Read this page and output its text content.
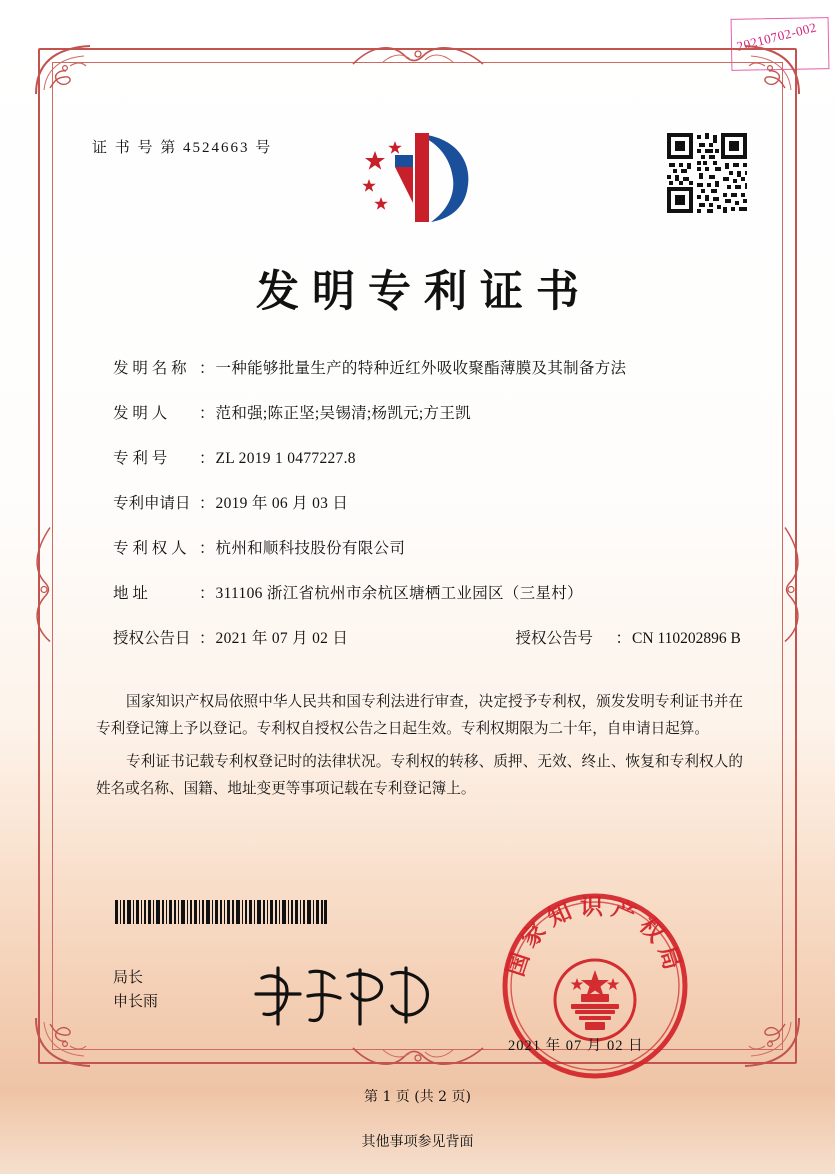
20210702-002
证 书 号 第 4524663 号
发明专利证书
发 明 名 称 ： 一种能够批量生产的特种近红外吸收聚酯薄膜及其制备方法
发 明 人	： 范和强;陈正坚;吴锡清;杨凯元;方王凯
专 利 号	： ZL 2019 1 0477227.8
专利申请日 ： 2019 年 06 月 03 日
专 利 权 人 ： 杭州和顺科技股份有限公司
地 址	： 311106 浙江省杭州市余杭区塘栖工业园区（三星村）
授权公告日 ： 2021 年 07 月 02 日	授权公告号	： CN 110202896 B

国家知识产权局依照中华人民共和国专利法进行审查，决定授予专利权，颁发发明专利证书并在专利登记簿上予以登记。专利权自授权公告之日起生效。专利权期限为二十年，自申请日起算。

专利证书记载专利权登记时的法律状况。专利权的转移、质押、无效、终止、恢复和专利权人的姓名或名称、国籍、地址变更等事项记载在专利登记簿上。

局长
申长雨
国家知识产权局
2021 年 07 月 02 日
第 1 页 (共 2 页)
其他事项参见背面
